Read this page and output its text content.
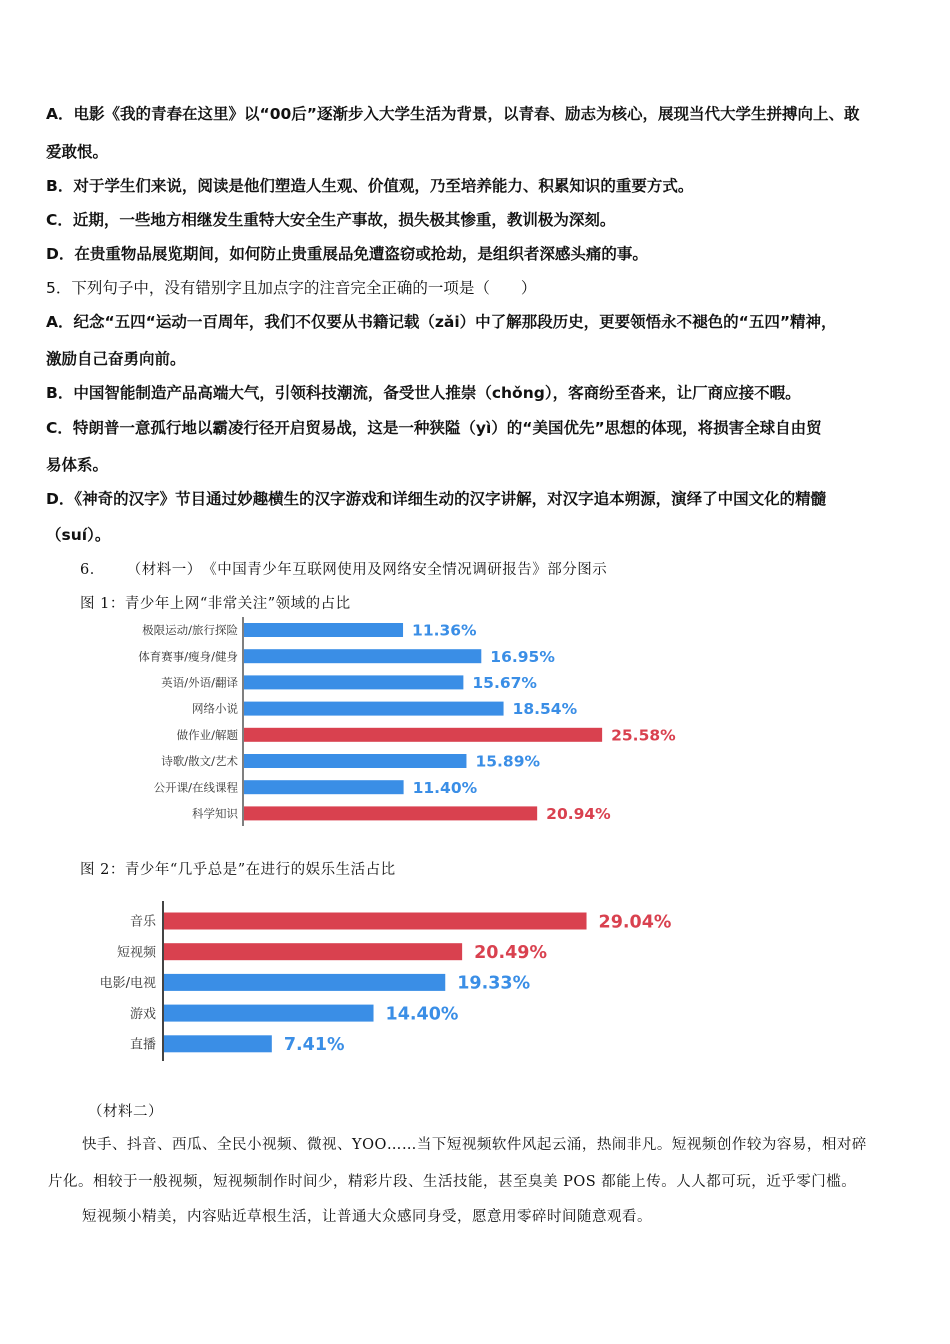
A．电影《我的青春在这里》以“00后”逐渐步入大学生活为背景，以青春、励志为核心，展现当代大学生拼搏向上、敢
爱敢恨。
B．对于学生们来说，阅读是他们塑造人生观、价值观，乃至培养能力、积累知识的重要方式。
C．近期，一些地方相继发生重特大安全生产事故，损失极其惨重，教训极为深刻。
D．在贵重物品展览期间，如何防止贵重展品免遭盗窃或抢劫，是组织者深感头痛的事。
5．下列句子中，没有错别字且加点字的注音完全正确的一项是（　　）
A．纪念“五四“运动一百周年，我们不仅要从书籍记载（zǎi）中了解那段历史，更要领悟永不褪色的“五四”精神，
激励自己奋勇向前。
B．中国智能制造产品高端大气，引领科技潮流，备受世人推崇（chǒng），客商纷至沓来，让厂商应接不暇。
C．特朗普一意孤行地以霸凌行径开启贸易战，这是一种狭隘（yì）的“美国优先”思想的体现，将损害全球自由贸
易体系。
D．《神奇的汉字》节目通过妙趣横生的汉字游戏和详细生动的汉字讲解，对汉字追本朔源，演绎了中国文化的精髓
（suí）。
6． （材料一）　《中国青少年互联网使用及网络安全情况调研报告》部分图示
图 1：青少年上网“非常关注”领域的占比
极限运动/旅行探险	11.36%
体育赛事/瘦身/健身	16.95%
英语/外语/翻译	15.67%
网络小说	18.54%
做作业/解题	25.58%
诗歌/散文/艺术	15.89%
公开课/在线课程	11.40%
科学知识	20.94%
图 2：青少年“几乎总是”在进行的娱乐生活占比
音乐	29.04%
短视频	20.49%
电影/电视	19.33%
游戏	14.40%
直播	7.41%
（材料二）
快手、抖音、西瓜、全民小视频、微视、YOO……当下短视频软件风起云涌，热闹非凡。短视频创作较为容易，相对碎
片化。相较于一般视频，短视频制作时间少，精彩片段、生活技能，甚至臭美 POS 都能上传。人人都可玩，近乎零门槛。
短视频小精美，内容贴近草根生活，让普通大众感同身受，愿意用零碎时间随意观看。
